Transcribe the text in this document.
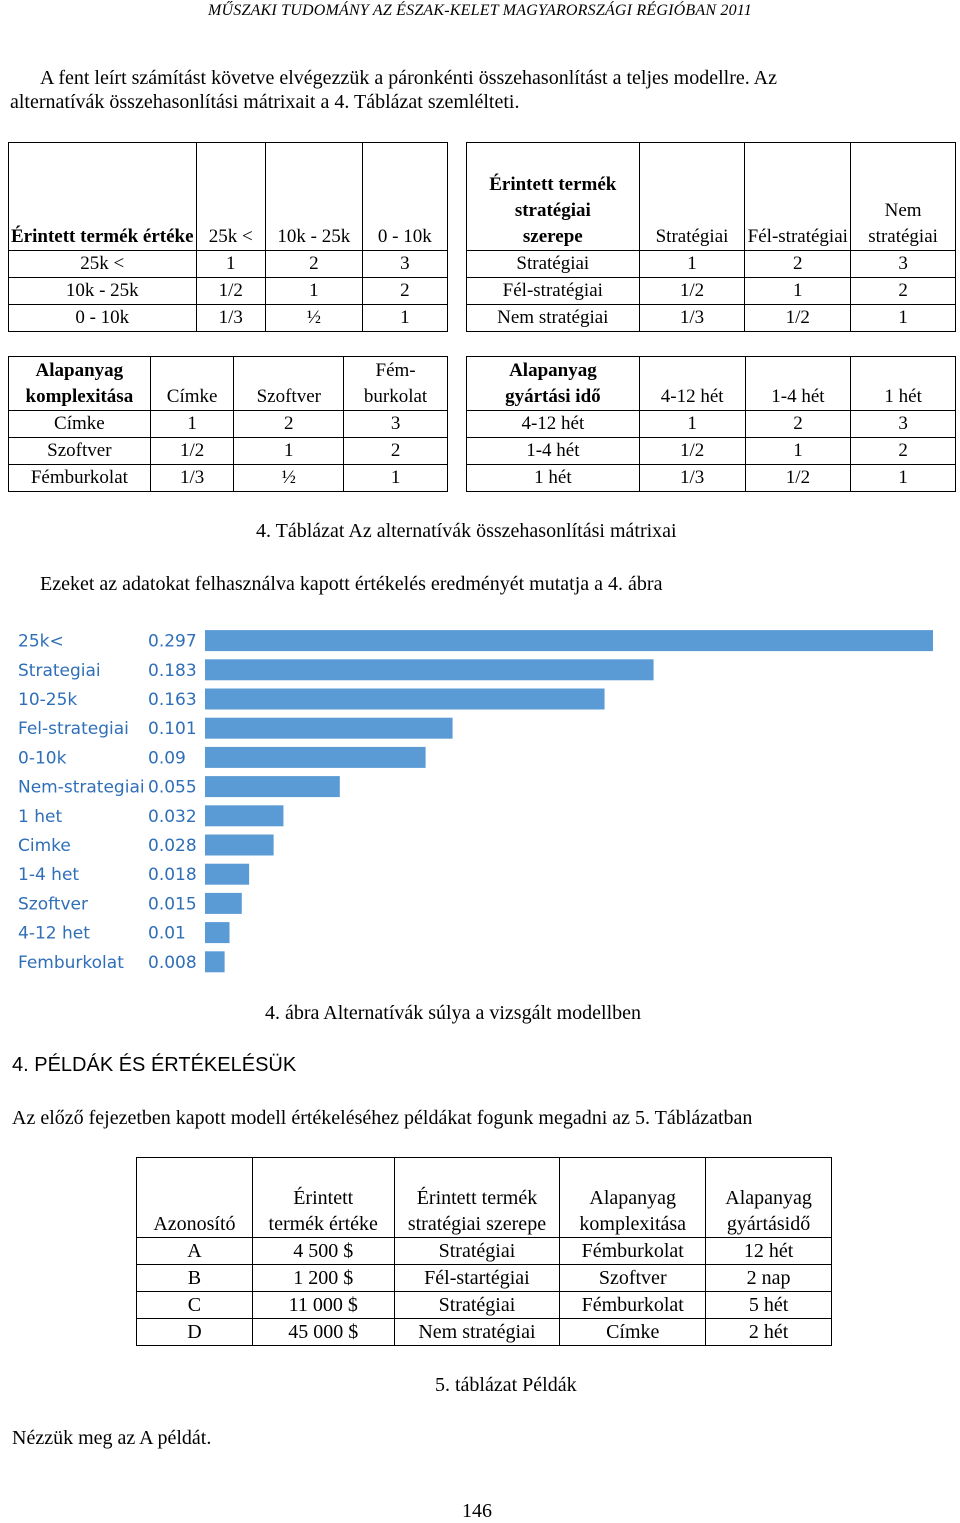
MŰSZAKI TUDOMÁNY AZ ÉSZAK-KELET MAGYARORSZÁGI RÉGIÓBAN 2011
A fent leírt számítást követve elvégezzük a páronkénti összehasonlítást a teljes modellre. Az
alternatívák összehasonlítási mátrixait a 4. Táblázat szemlélteti.
Érintett termék értéke	25k <	10k - 25k	0 - 10k
25k <	1	2	3
10k - 25k	1/2	1	2
0 - 10k	1/3	½	1
Érintett termék stratégiai szerepe	Stratégiai	Fél-stratégiai	Nem stratégiai
Stratégiai	1	2	3
Fél-stratégiai	1/2	1	2
Nem stratégiai	1/3	1/2	1
Alapanyag komplexitása	Címke	Szoftver	Fém-burkolat
Címke	1	2	3
Szoftver	1/2	1	2
Fémburkolat	1/3	½	1
Alapanyag gyártási idő	4-12 hét	1-4 hét	1 hét
4-12 hét	1	2	3
1-4 hét	1/2	1	2
1 hét	1/3	1/2	1
4. Táblázat Az alternatívák összehasonlítási mátrixai
Ezeket az adatokat felhasználva kapott értékelés eredményét mutatja a 4. ábra
25k<	0.297
Strategiai	0.183
10-25k	0.163
Fel-strategiai 0.101
0-10k	0.09
Nem-strategiai 0.055
1 het	0.032
Cimke	0.028
1-4 het	0.018
Szoftver	0.015
4-12 het	0.01
Femburkolat 0.008
4. ábra Alternatívák súlya a vizsgált modellben
4. PÉLDÁK ÉS ÉRTÉKELÉSÜK
Az előző fejezetben kapott modell értékeléséhez példákat fogunk megadni az 5. Táblázatban
Azonosító	Érintett termék értéke	Érintett termék stratégiai szerepe	Alapanyag komplexitása	Alapanyag gyártásidő
A	4 500 $	Stratégiai	Fémburkolat	12 hét
B	1 200 $	Fél-startégiai	Szoftver	2 nap
C	11 000 $	Stratégiai	Fémburkolat	5 hét
D	45 000 $	Nem stratégiai	Címke	2 hét
5. táblázat Példák
Nézzük meg az A példát.
146
